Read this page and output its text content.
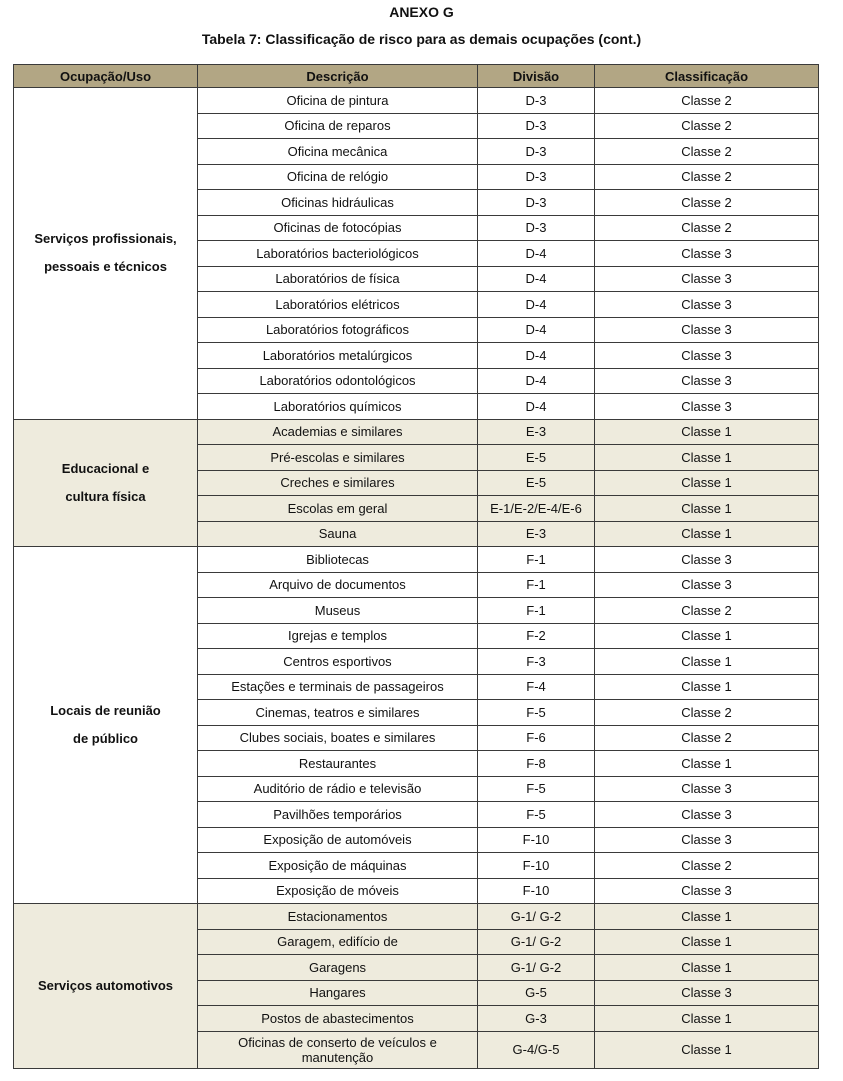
ANEXO G
Tabela 7: Classificação de risco para as demais ocupações (cont.)
Ocupação/Uso	Descrição	Divisão	Classificação

Serviços profissionais,
pessoais e técnicos	Oficina de pintura	D-3	Classe 2
	Oficina de reparos	D-3	Classe 2
	Oficina mecânica	D-3	Classe 2
	Oficina de relógio	D-3	Classe 2
	Oficinas hidráulicas	D-3	Classe 2
	Oficinas de fotocópias	D-3	Classe 2
	Laboratórios bacteriológicos	D-4	Classe 3
	Laboratórios de física	D-4	Classe 3
	Laboratórios elétricos	D-4	Classe 3
	Laboratórios fotográficos	D-4	Classe 3
	Laboratórios metalúrgicos	D-4	Classe 3
	Laboratórios odontológicos	D-4	Classe 3
	Laboratórios químicos	D-4	Classe 3

Educacional e
cultura física	Academias e similares	E-3	Classe 1
	Pré-escolas e similares	E-5	Classe 1
	Creches e similares	E-5	Classe 1
	Escolas em geral	E-1/E-2/E-4/E-6	Classe 1
	Sauna	E-3	Classe 1

Locais de reunião
de público	Bibliotecas	F-1	Classe 3
	Arquivo de documentos	F-1	Classe 3
	Museus	F-1	Classe 2
	Igrejas e templos	F-2	Classe 1
	Centros esportivos	F-3	Classe 1
	Estações e terminais de passageiros	F-4	Classe 1
	Cinemas, teatros e similares	F-5	Classe 2
	Clubes sociais, boates e similares	F-6	Classe 2
	Restaurantes	F-8	Classe 1
	Auditório de rádio e televisão	F-5	Classe 3
	Pavilhões temporários	F-5	Classe 3
	Exposição de automóveis	F-10	Classe 3
	Exposição de máquinas	F-10	Classe 2
	Exposição de móveis	F-10	Classe 3

Serviços automotivos	Estacionamentos	G-1/ G-2	Classe 1
	Garagem, edifício de	G-1/ G-2	Classe 1
	Garagens	G-1/ G-2	Classe 1
	Hangares	G-5	Classe 3
	Postos de abastecimentos	G-3	Classe 1
	Oficinas de conserto de veículos e manutenção	G-4/G-5	Classe 1
